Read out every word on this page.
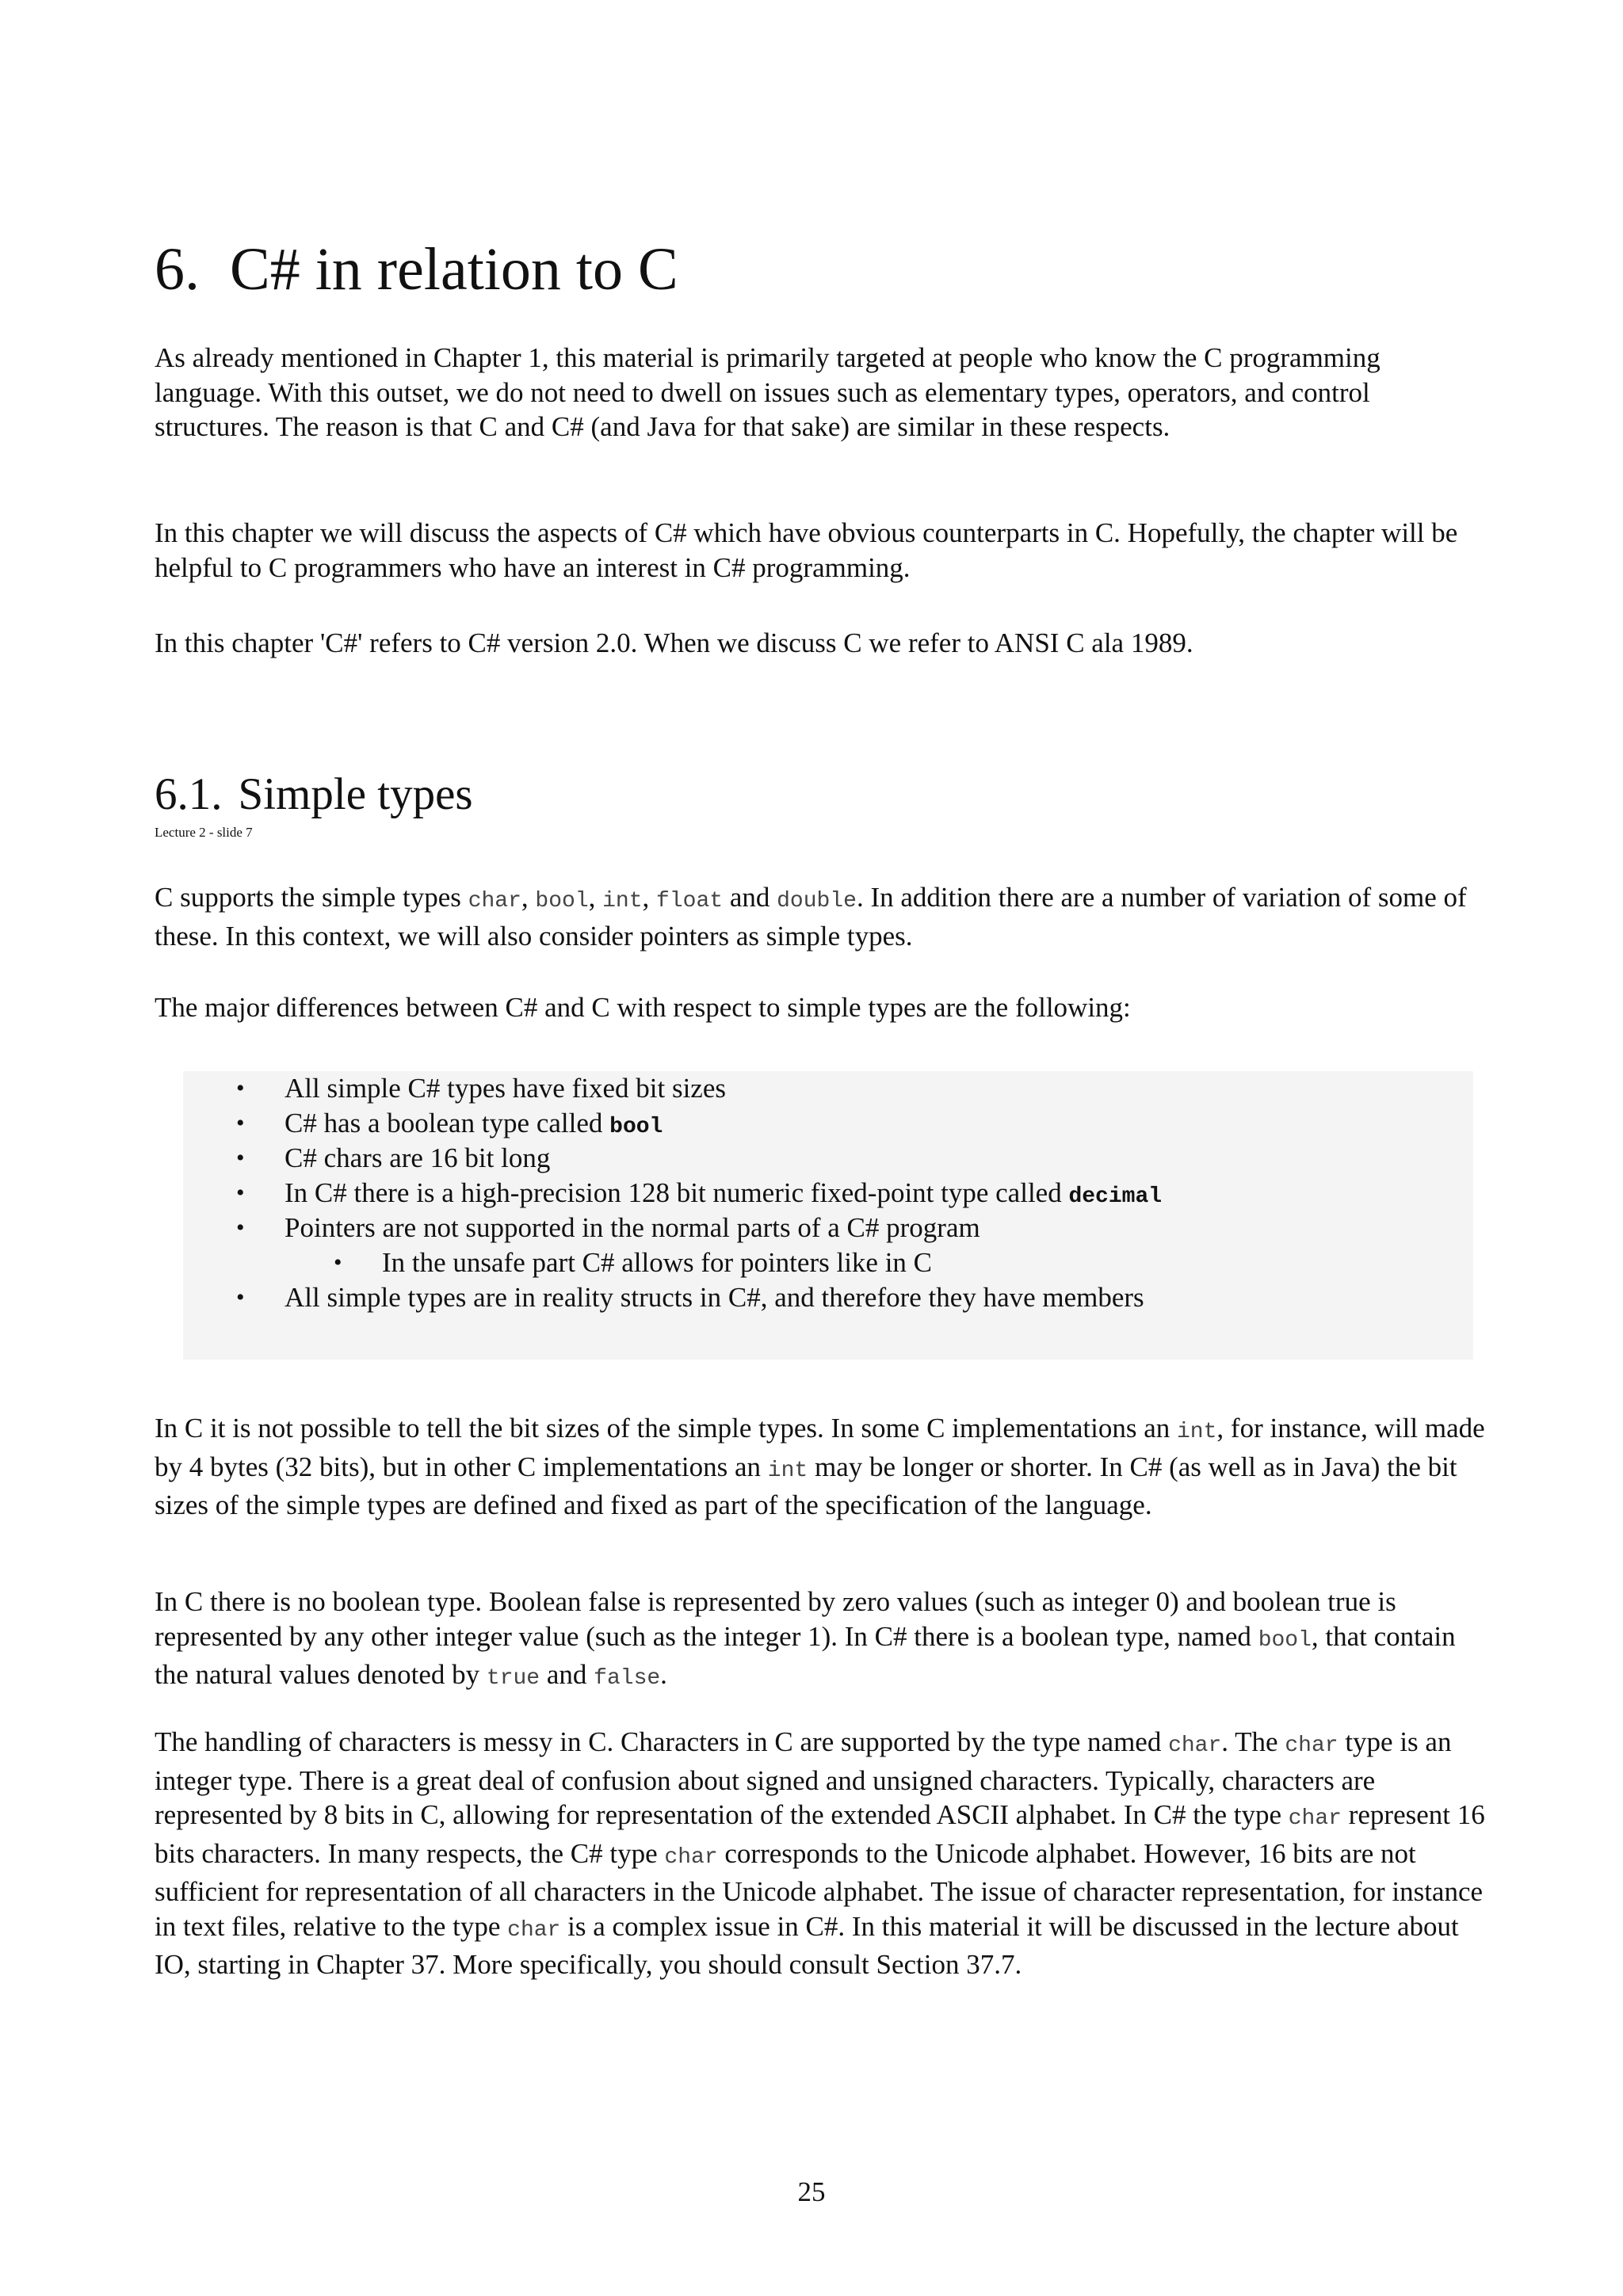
6. C# in relation to C

As already mentioned in Chapter 1, this material is primarily targeted at people who know the C programming language. With this outset, we do not need to dwell on issues such as elementary types, operators, and control structures. The reason is that C and C# (and Java for that sake) are similar in these respects.

In this chapter we will discuss the aspects of C# which have obvious counterparts in C. Hopefully, the chapter will be helpful to C programmers who have an interest in C# programming.

In this chapter 'C#' refers to C# version 2.0. When we discuss C we refer to ANSI C ala 1989.

6.1. Simple types
Lecture 2 - slide 7

C supports the simple types char, bool, int, float and double. In addition there are a number of variation of some of these. In this context, we will also consider pointers as simple types.

The major differences between C# and C with respect to simple types are the following:

• All simple C# types have fixed bit sizes
• C# has a boolean type called bool
• C# chars are 16 bit long
• In C# there is a high-precision 128 bit numeric fixed-point type called decimal
• Pointers are not supported in the normal parts of a C# program
• In the unsafe part C# allows for pointers like in C
• All simple types are in reality structs in C#, and therefore they have members

In C it is not possible to tell the bit sizes of the simple types. In some C implementations an int, for instance, will made by 4 bytes (32 bits), but in other C implementations an int may be longer or shorter. In C# (as well as in Java) the bit sizes of the simple types are defined and fixed as part of the specification of the language.

In C there is no boolean type. Boolean false is represented by zero values (such as integer 0) and boolean true is represented by any other integer value (such as the integer 1). In C# there is a boolean type, named bool, that contain the natural values denoted by true and false.

The handling of characters is messy in C. Characters in C are supported by the type named char. The char type is an integer type. There is a great deal of confusion about signed and unsigned characters. Typically, characters are represented by 8 bits in C, allowing for representation of the extended ASCII alphabet. In C# the type char represent 16 bits characters. In many respects, the C# type char corresponds to the Unicode alphabet. However, 16 bits are not sufficient for representation of all characters in the Unicode alphabet. The issue of character representation, for instance in text files, relative to the type char is a complex issue in C#. In this material it will be discussed in the lecture about IO, starting in Chapter 37. More specifically, you should consult Section 37.7.

25
